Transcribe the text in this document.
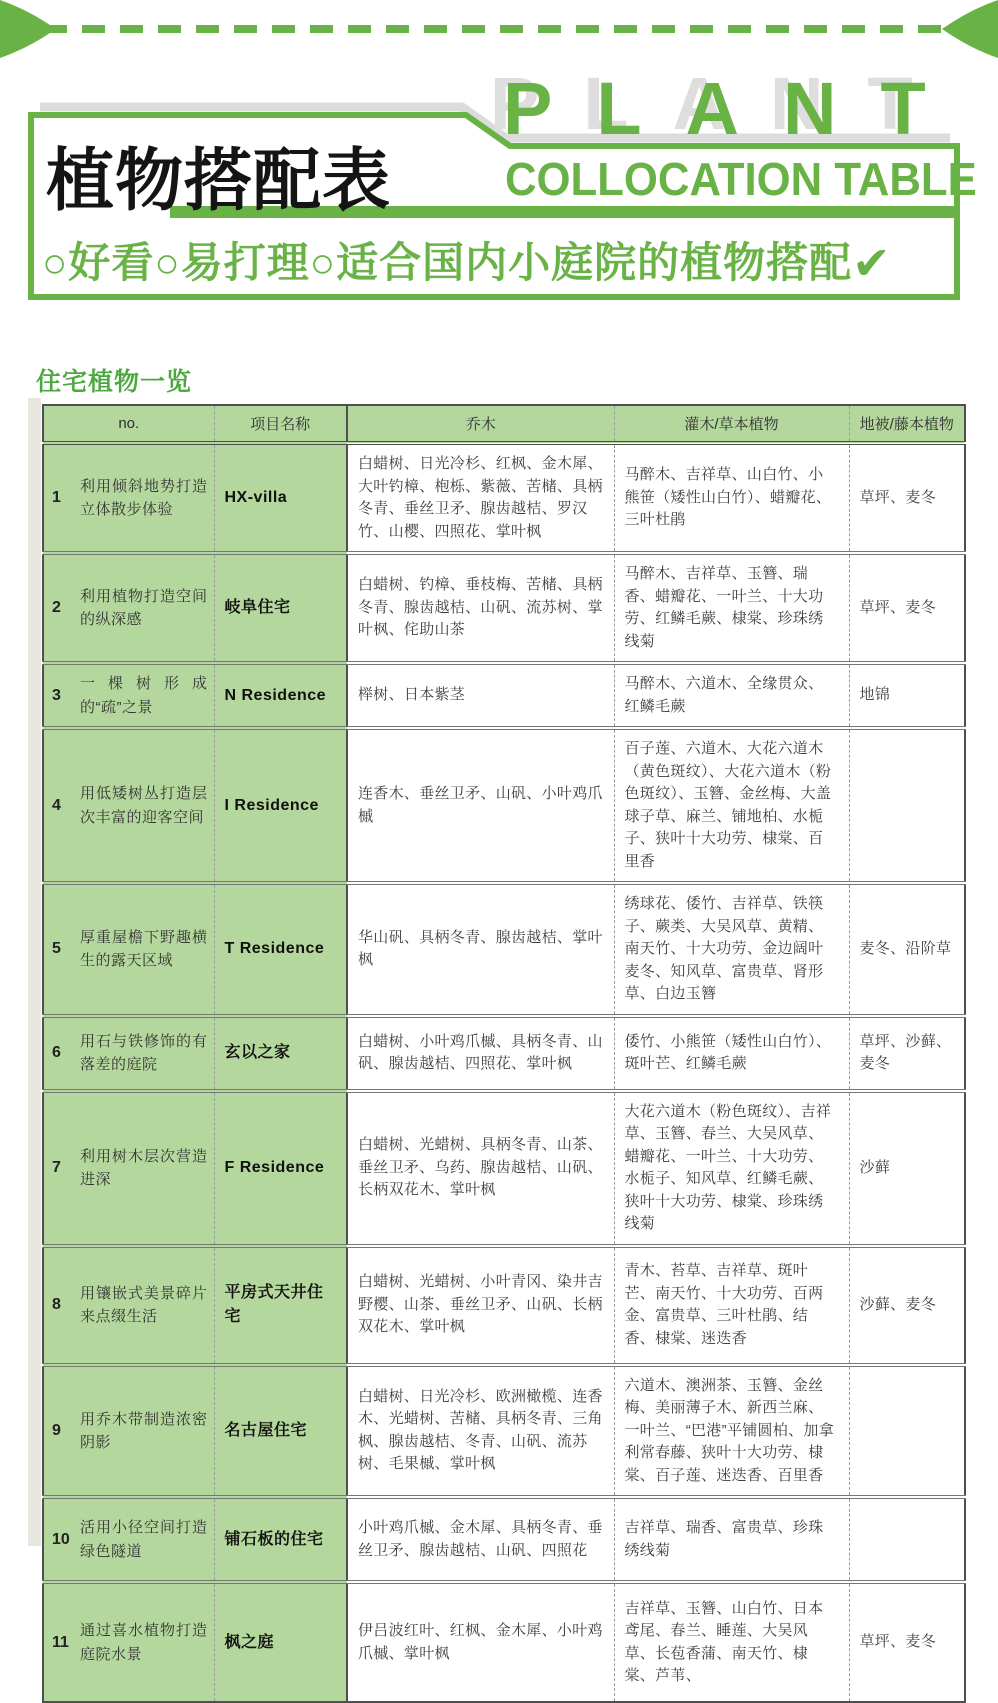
PLANT
COLLOCATION TABLE
植物搭配表
○好看○易打理○适合国内小庭院的植物搭配✔
住宅植物一览
no.	项目名称	乔木	灌木/草本植物	地被/藤本植物

1
利用倾斜地势打造立体散步体验	HX-villa	白蜡树、日光冷杉、红枫、金木犀、大叶钓樟、枹栎、紫薇、苦槠、具柄冬青、垂丝卫矛、腺齿越桔、罗汉竹、山樱、四照花、掌叶枫	马醉木、吉祥草、山白竹、小熊笹（矮性山白竹）、蜡瓣花、三叶杜鹃	草坪、麦冬

2
利用植物打造空间的纵深感	岐阜住宅	白蜡树、钓樟、垂枝梅、苦槠、具柄冬青、腺齿越桔、山矾、流苏树、掌叶枫、侘助山茶	马醉木、吉祥草、玉簪、瑞香、蜡瓣花、一叶兰、十大功劳、红鳞毛蕨、棣棠、珍珠绣线菊	草坪、麦冬

3
一棵树形成的“疏”之景	N Residence	榉树、日本紫茎	马醉木、六道木、全缘贯众、红鳞毛蕨	地锦

4
用低矮树丛打造层次丰富的迎客空间	I Residence	连香木、垂丝卫矛、山矾、小叶鸡爪槭	百子莲、六道木、大花六道木（黄色斑纹）、大花六道木（粉色斑纹）、玉簪、金丝梅、大盖球子草、麻兰、铺地柏、水栀子、狭叶十大功劳、棣棠、百里香	

5
厚重屋檐下野趣横生的露天区域	T Residence	华山矾、具柄冬青、腺齿越桔、掌叶枫	绣球花、倭竹、吉祥草、铁筷子、蕨类、大吴风草、黄精、南天竹、十大功劳、金边阔叶麦冬、知风草、富贵草、肾形草、白边玉簪	麦冬、沿阶草

6
用石与铁修饰的有落差的庭院	玄以之家	白蜡树、小叶鸡爪槭、具柄冬青、山矾、腺齿越桔、四照花、掌叶枫	倭竹、小熊笹（矮性山白竹）、斑叶芒、红鳞毛蕨	草坪、沙藓、麦冬

7
利用树木层次营造进深	F Residence	白蜡树、光蜡树、具柄冬青、山茶、垂丝卫矛、乌药、腺齿越桔、山矾、长柄双花木、掌叶枫	大花六道木（粉色斑纹）、吉祥草、玉簪、春兰、大吴风草、蜡瓣花、一叶兰、十大功劳、水栀子、知风草、红鳞毛蕨、狭叶十大功劳、棣棠、珍珠绣线菊	沙藓

8
用镶嵌式美景碎片来点缀生活	平房式天井住宅	白蜡树、光蜡树、小叶青冈、染井吉野樱、山茶、垂丝卫矛、山矾、长柄双花木、掌叶枫	青木、苔草、吉祥草、斑叶芒、南天竹、十大功劳、百两金、富贵草、三叶杜鹃、结香、棣棠、迷迭香	沙藓、麦冬

9
用乔木带制造浓密阴影	名古屋住宅	白蜡树、日光冷杉、欧洲橄榄、连香木、光蜡树、苦槠、具柄冬青、三角枫、腺齿越桔、冬青、山矾、流苏树、毛果槭、掌叶枫	六道木、澳洲茶、玉簪、金丝梅、美丽薄子木、新西兰麻、一叶兰、“巴港”平铺圆柏、加拿利常春藤、狭叶十大功劳、棣棠、百子莲、迷迭香、百里香	

10
活用小径空间打造绿色隧道	铺石板的住宅	小叶鸡爪槭、金木犀、具柄冬青、垂丝卫矛、腺齿越桔、山矾、四照花	吉祥草、瑞香、富贵草、珍珠绣线菊	

11
通过喜水植物打造庭院水景	枫之庭	伊吕波红叶、红枫、金木犀、小叶鸡爪槭、掌叶枫	吉祥草、玉簪、山白竹、日本鸢尾、春兰、睡莲、大吴风草、长苞香蒲、南天竹、棣棠、芦苇、	草坪、麦冬
